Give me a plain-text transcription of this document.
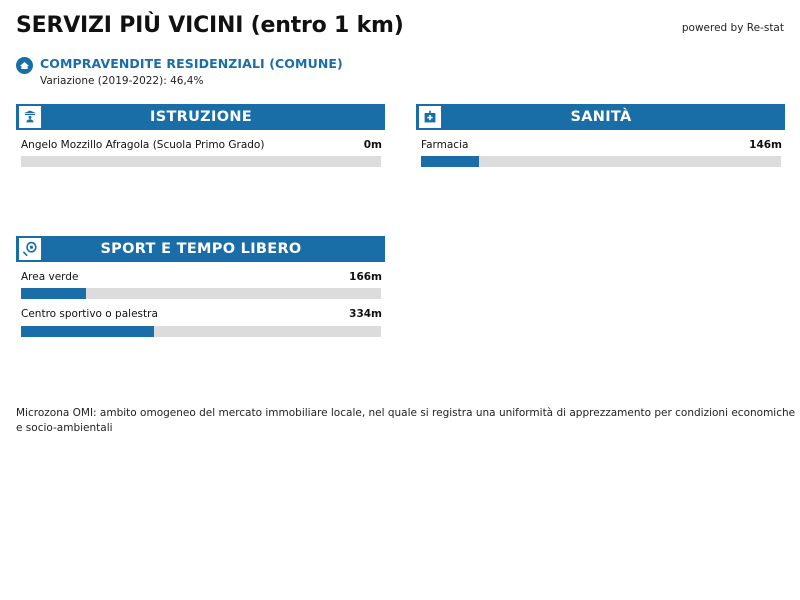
SERVIZI PIÙ VICINI (entro 1 km)	powered by Re-stat
COMPRAVENDITE RESIDENZIALI (COMUNE)
Variazione (2019-2022): 46,4%
ISTRUZIONE
Angelo Mozzillo Afragola (Scuola Primo Grado)	0m
SANITÀ
Farmacia	146m
SPORT E TEMPO LIBERO
Area verde	166m
Centro sportivo o palestra	334m
Microzona OMI: ambito omogeneo del mercato immobiliare locale, nel quale si registra una uniformità di apprezzamento per condizioni economiche e socio-ambientali
